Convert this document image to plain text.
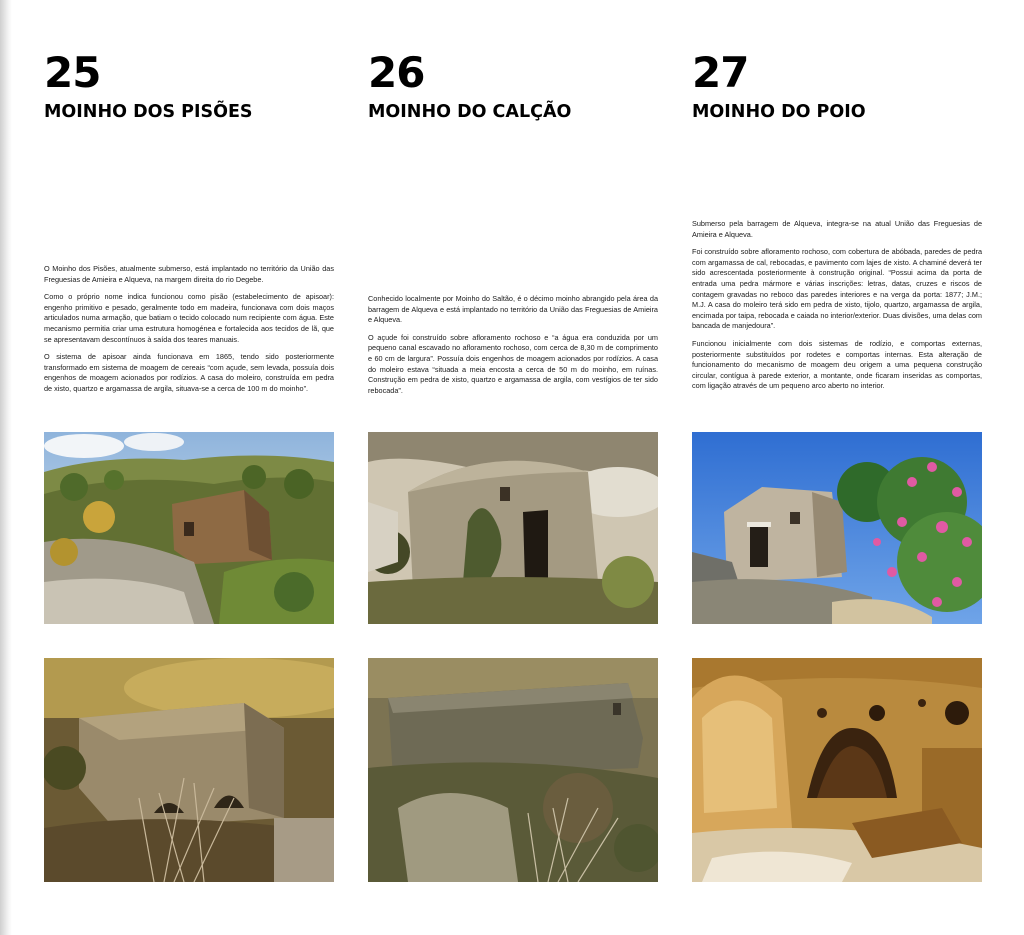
25
MOINHO DOS PISÕES

O Moinho dos Pisões, atualmente submerso, está implantado no território da União das Freguesias de Amieira e Alqueva, na margem direita do rio Degebe.

Como o próprio nome indica funcionou como pisão (estabelecimento de apisoar): engenho primitivo e pesado, geralmente todo em madeira, funcionava com dois maços articulados numa armação, que batiam o tecido colocado num recipiente com água. Este mecanismo permitia criar uma estrutura homogénea e fortalecida aos tecidos de lã, que se apresentavam descontínuos à saída dos teares manuais.

O sistema de apisoar ainda funcionava em 1865, tendo sido posteriormente transformado em sistema de moagem de cereais “com açude, sem levada, possuía dois engenhos de moagem acionados por rodízios. A casa do moleiro, construída em pedra de xisto, quartzo e argamassa de argila, situava-se a cerca de 100 m do moinho”.

26
MOINHO DO CALÇÃO

Conhecido localmente por Moinho do Saltão, é o décimo moinho abrangido pela área da barragem de Alqueva e está implantado no território da União das Freguesias de Amieira e Alqueva.

O açude foi construído sobre afloramento rochoso e “a água era conduzida por um pequeno canal escavado no afloramento rochoso, com cerca de 8,30 m de comprimento e 60 cm de largura”. Possuía dois engenhos de moagem acionados por rodízios. A casa do moleiro estava “situada a meia encosta a cerca de 50 m do moinho, em ruínas. Construção em pedra de xisto, quartzo e argamassa de argila, com vestígios de ter sido rebocada”.

27
MOINHO DO POIO

Submerso pela barragem de Alqueva, integra-se na atual União das Freguesias de Amieira e Alqueva.

Foi construído sobre afloramento rochoso, com cobertura de abóbada, paredes de pedra com argamassa de cal, rebocadas, e pavimento com lajes de xisto. A chaminé deverá ter sido acrescentada posteriormente à construção original. “Possui acima da porta de entrada uma pedra mármore e várias inscrições: letras, datas, cruzes e riscos de contagem gravadas no reboco das paredes interiores e na verga da porta: 1877; J.M.; M.J. A casa do moleiro terá sido em pedra de xisto, tijolo, quartzo, argamassa de argila, encimada por taipa, rebocada e caiada no interior/exterior. Duas divisões, uma delas com bancada de manjedoura”.

Funcionou inicialmente com dois sistemas de rodízio, e comportas externas, posteriormente substituídos por rodetes e comportas internas. Esta alteração de funcionamento do mecanismo de moagem deu origem a uma pequena construção circular, contígua à parede exterior, a montante, onde ficaram inseridas as comportas, com ligação através de um pequeno arco aberto no interior.
